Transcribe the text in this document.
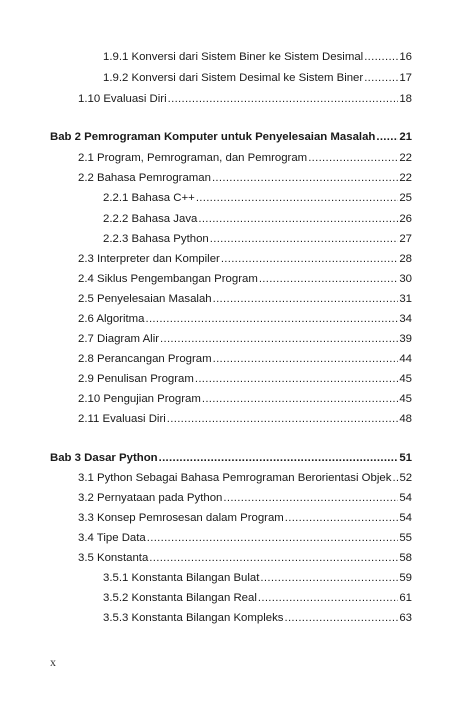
1.9.1 Konversi dari Sistem Biner ke Sistem Desimal .....	16
1.9.2 Konversi dari Sistem Desimal ke Sistem Biner .....	17
1.10 Evaluasi Diri .....	18
Bab 2 Pemrograman Komputer untuk Penyelesaian Masalah ..... 21
2.1 Program, Pemrograman, dan Pemrogram .....	22
2.2 Bahasa Pemrograman .....	22
2.2.1 Bahasa C++ .....	25
2.2.2 Bahasa Java .....	26
2.2.3 Bahasa Python .....	27
2.3 Interpreter dan Kompiler .....	28
2.4 Siklus Pengembangan Program .....	30
2.5 Penyelesaian Masalah .....	31
2.6 Algoritma .....	34
2.7 Diagram Alir .....	39
2.8 Perancangan Program .....	44
2.9 Penulisan Program .....	45
2.10 Pengujian Program .....	45
2.11 Evaluasi Diri .....	48
Bab 3 Dasar Python .....	51
3.1 Python Sebagai Bahasa Pemrograman Berorientasi Objek ..... 52
3.2 Pernyataan pada Python .....	54
3.3 Konsep Pemrosesan dalam Program .....	54
3.4 Tipe Data .....	55
3.5 Konstanta .....	58
3.5.1 Konstanta Bilangan Bulat .....	59
3.5.2 Konstanta Bilangan Real .....	61
3.5.3 Konstanta Bilangan Kompleks .....	63
x
